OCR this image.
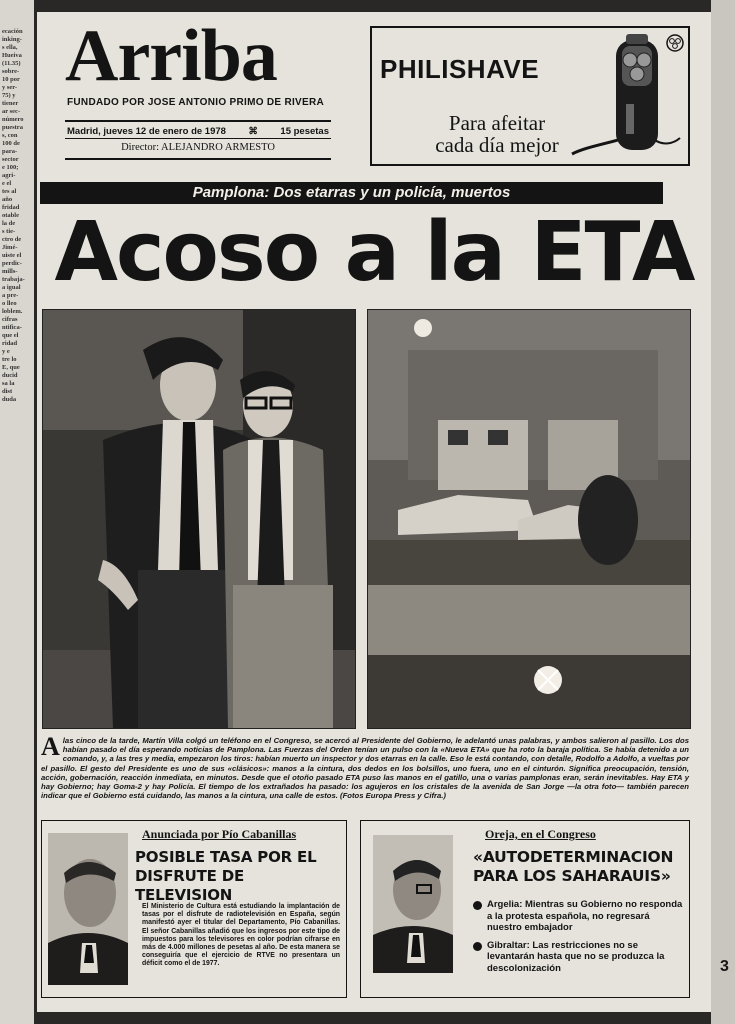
ecación
inking-
s ella,
Hueiva
(11.35)
sobre-
10 por
y ser-
75) y
tiener
ar sec-
número
puestra
s, con
100 de
para-
sector
e 100;
agri-
e el
tes al
año
fridad
otable
la de
s tie-
ctro de
Jimé-
uiste el
perdic-
mills-
trabaja-
a igual
a pre-
o lleo
loblem.
cifras
ntifica-
que el
ridad
y e
tre lo
E, que
ducid
sa la
dist
duda
3
Arriba
FUNDADO POR JOSE ANTONIO PRIMO DE RIVERA
Madrid, jueves 12 de enero de 1978 ⌘ 15 pesetas
Director: ALEJANDRO ARMESTO
PHILISHAVE
Para afeitar
cada día mejor
Pamplona: Dos etarras y un policía, muertos
Acoso a la ETA
A las cinco de la tarde, Martín Villa colgó un teléfono en el Congreso, se acercó al Presidente del Gobierno, le adelantó unas palabras, y ambos salieron al pasillo. Los dos habían pasado el día esperando noticias de Pamplona. Las Fuerzas del Orden tenían un pulso con la «Nueva ETA» que ha roto la baraja política. Se había detenido a un comando, y, a las tres y media, empezaron los tiros: habían muerto un inspector y dos etarras en la calle. Eso le está contando, con detalle, Rodolfo a Adolfo, a vueltas por el pasillo. El gesto del Presidente es uno de sus «clásicos»: manos a la cintura, dos dedos en los bolsillos, uno fuera, uno en el cinturón. Significa preocupación, tensión, acción, gobernación, reacción inmediata, en minutos. Desde que el otoño pasado ETA puso las manos en el gatillo, una o varias pamplonas eran, serán inevitables. Hay ETA y hay Gobierno; hay Goma-2 y hay Policía. El tiempo de los extrañados ha pasado: los agujeros en los cristales de la avenida de San Jorge —la otra foto— también parecen indicar que el Gobierno está cuidando, las manos a la cintura, una calle de estos. (Fotos Europa Press y Cifra.)
Anunciada por Pío Cabanillas
POSIBLE TASA POR EL DISFRUTE DE TELEVISION
El Ministerio de Cultura está estudiando la implantación de tasas por el disfrute de radiotelevisión en España, según manifestó ayer el titular del Departamento, Pío Cabanillas. El señor Cabanillas añadió que los ingresos por este tipo de impuestos para los televisores en color podrían cifrarse en más de 4.000 millones de pesetas al año. De esta manera se conseguiría que el ejercicio de RTVE no presentara un déficit como el de 1977.
Oreja, en el Congreso
«AUTODETERMINACION PARA LOS SAHARAUIS»
Argelia: Mientras su Gobierno no responda a la protesta española, no regresará nuestro embajador
Gibraltar: Las restricciones no se levantarán hasta que no se produzca la descolonización
